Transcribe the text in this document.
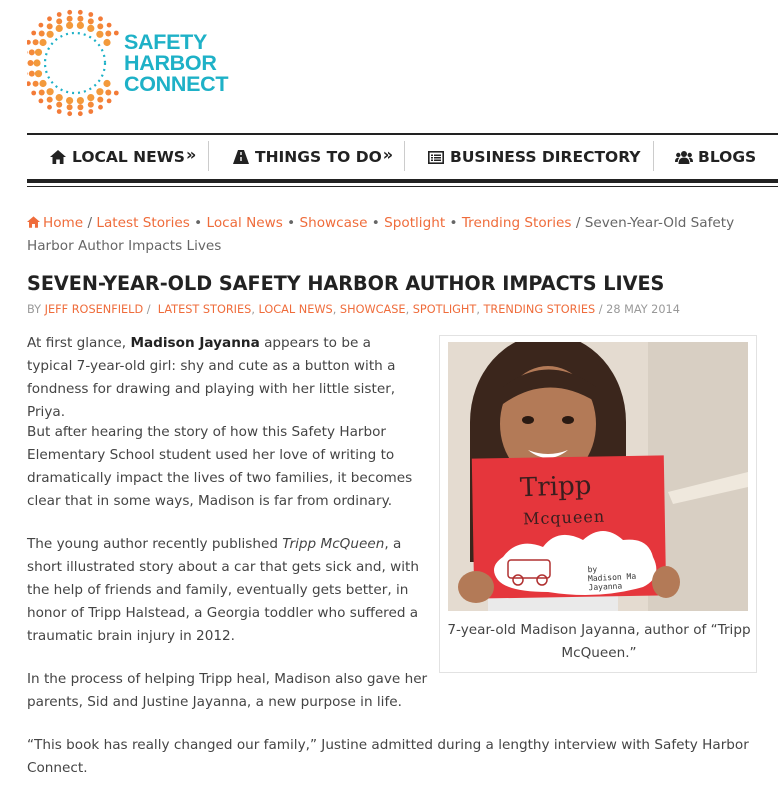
SAFETY
HARBOR
CONNECT
LOCAL NEWS »	THINGS TO DO »	BUSINESS DIRECTORY	BLOGS
Home / Latest Stories • Local News • Showcase • Spotlight • Trending Stories / Seven-Year-Old Safety Harbor Author Impacts Lives
SEVEN-YEAR-OLD SAFETY HARBOR AUTHOR IMPACTS LIVES
BY JEFF ROSENFIELD / LATEST STORIES, LOCAL NEWS, SHOWCASE, SPOTLIGHT, TRENDING STORIES / 28 MAY 2014

At first glance, Madison Jayanna appears to be a typical 7-year-old girl: shy and cute as a button with a fondness for drawing and playing with her little sister, Priya.

But after hearing the story of how this Safety Harbor Elementary School student used her love of writing to dramatically impact the lives of two families, it becomes clear that in some ways, Madison is far from ordinary.

The young author recently published Tripp McQueen, a short illustrated story about a car that gets sick and, with the help of friends and family, eventually gets better, in honor of Tripp Halstead, a Georgia toddler who suffered a traumatic brain injury in 2012.

In the process of helping Tripp heal, Madison also gave her parents, Sid and Justine Jayanna, a new purpose in life.

“This book has really changed our family,” Justine admitted during a lengthy interview with Safety Harbor Connect.

Tripp
Mcqueen
by
Madison Ma
Jayanna
7-year-old Madison Jayanna, author of “Tripp McQueen.”
